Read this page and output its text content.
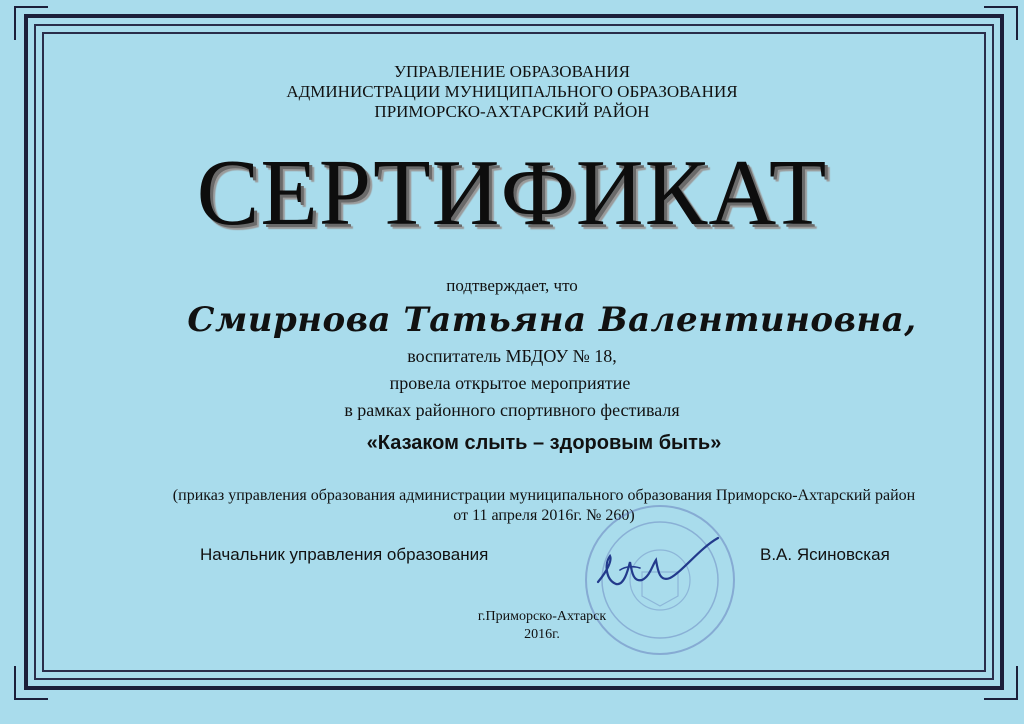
УПРАВЛЕНИЕ ОБРАЗОВАНИЯ
АДМИНИСТРАЦИИ МУНИЦИПАЛЬНОГО ОБРАЗОВАНИЯ
ПРИМОРСКО-АХТАРСКИЙ РАЙОН
СЕРТИФИКАТ
подтверждает, что
Смирнова Татьяна Валентиновна,
воспитатель МБДОУ № 18,
провела открытое мероприятие
в рамках районного спортивного фестиваля
«Казаком слыть – здоровым быть»
(приказ управления образования администрации муниципального образования Приморско-Ахтарский район
от 11 апреля 2016г. № 260)
Начальник управления образования	В.А. Ясиновская
г.Приморско-Ахтарск
2016г.
